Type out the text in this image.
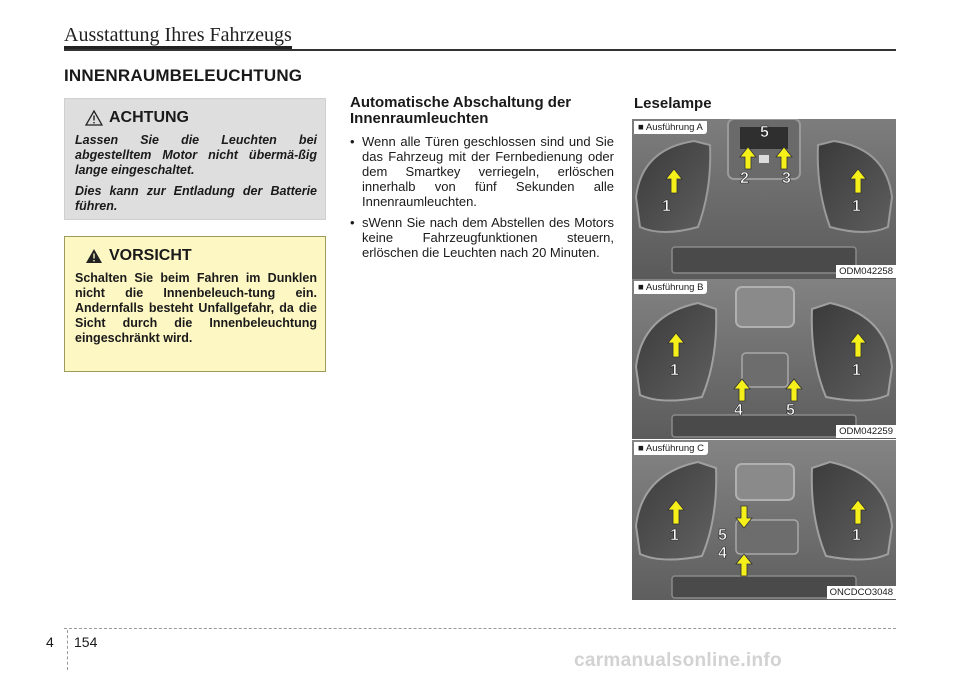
Ausstattung Ihres Fahrzeugs
INNENRAUMBELEUCHTUNG
ACHTUNG

Lassen Sie die Leuchten bei abgestelltem Motor nicht übermä-ßig lange eingeschaltet.

Dies kann zur Entladung der Batterie führen.

VORSICHT

Schalten Sie beim Fahren im Dunklen nicht die Innenbeleuch-tung ein. Andernfalls besteht Unfallgefahr, da die Sicht durch die Innenbeleuchtung eingeschränkt wird.

Automatische Abschaltung der Innenraumleuchten
• Wenn alle Türen geschlossen sind und Sie das Fahrzeug mit der Fernbedienung oder dem Smartkey verriegeln, erlöschen innerhalb von fünf Sekunden alle Innenraumleuchten.
• sWenn Sie nach dem Abstellen des Motors keine Fahrzeugfunktionen steuern, erlöschen die Leuchten nach 20 Minuten.
Leselampe
1	1
2 3
5
■ Ausführung A
ODM042258
1	1
4	5
■ Ausführung B
ODM042259
1	1
5
4
■ Ausführung C
ONCDCO3048
4 154
carmanualsonline.info
